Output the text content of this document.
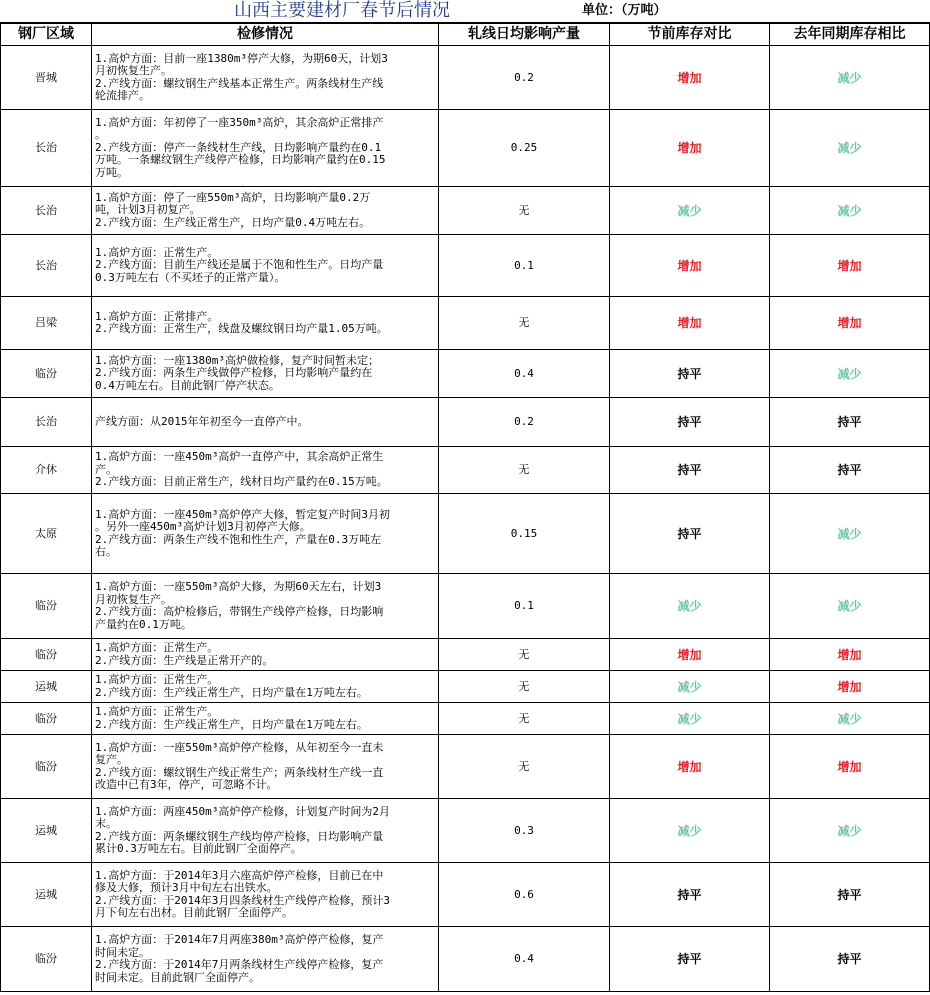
山西主要建材厂春节后情况	单位：（万吨）
钢厂区域	检修情况	轧线日均影响产量	节前库存对比	去年同期库存相比
晋城	1.高炉方面：目前一座1380m³停产大修，为期60天，计划3
月初恢复生产。
2.产线方面：螺纹钢生产线基本正常生产。两条线材生产线
轮流排产。	0.2	增加	减少
长治	1.高炉方面：年初停了一座350m³高炉，其余高炉正常排产
。
2.产线方面：停产一条线材生产线，日均影响产量约在0.1
万吨。一条螺纹钢生产线停产检修，日均影响产量约在0.15
万吨。	0.25	增加	减少
长治	1.高炉方面：停了一座550m³高炉，日均影响产量0.2万
吨，计划3月初复产。
2.产线方面：生产线正常生产，日均产量0.4万吨左右。	无	减少	减少
长治	1.高炉方面：正常生产。
2.产线方面：目前生产线还是属于不饱和性生产。日均产量
0.3万吨左右（不买坯子的正常产量）。	0.1	增加	增加
吕梁	1.高炉方面：正常排产。
2.产线方面：正常生产，线盘及螺纹钢日均产量1.05万吨。	无	增加	增加
临汾	1.高炉方面：一座1380m³高炉做检修，复产时间暂未定；
2.产线方面：两条生产线做停产检修，日均影响产量约在
0.4万吨左右。目前此钢厂停产状态。	0.4	持平	减少
长治	产线方面：从2015年年初至今一直停产中。	0.2	持平	持平
介休	1.高炉方面：一座450m³高炉一直停产中，其余高炉正常生
产。
2.产线方面：目前正常生产，线材日均产量约在0.15万吨。	无	持平	持平
太原	1.高炉方面：一座450m³高炉停产大修，暂定复产时间3月初
。另外一座450m³高炉计划3月初停产大修。
2.产线方面：两条生产线不饱和性生产，产量在0.3万吨左
右。	0.15	持平	减少
临汾	1.高炉方面：一座550m³高炉大修，为期60天左右，计划3
月初恢复生产。
2.产线方面：高炉检修后，带钢生产线停产检修，日均影响
产量约在0.1万吨。	0.1	减少	减少
临汾	1.高炉方面：正常生产。
2.产线方面：生产线是正常开产的。	无	增加	增加
运城	1.高炉方面：正常生产。
2.产线方面：生产线正常生产，日均产量在1万吨左右。	无	减少	增加
临汾	1.高炉方面：正常生产。
2.产线方面：生产线正常生产，日均产量在1万吨左右。	无	减少	减少
临汾	1.高炉方面：一座550m³高炉停产检修，从年初至今一直未
复产。
2.产线方面：螺纹钢生产线正常生产；两条线材生产线一直
改造中已有3年，停产，可忽略不计。	无	增加	增加
运城	1.高炉方面：两座450m³高炉停产检修，计划复产时间为2月
末。
2.产线方面：两条螺纹钢生产线均停产检修，日均影响产量
累计0.3万吨左右。目前此钢厂全面停产。	0.3	减少	减少
运城	1.高炉方面：于2014年3月六座高炉停产检修，目前已在中
修及大修，预计3月中旬左右出铁水。
2.产线方面：于2014年3月四条线材生产线停产检修，预计3
月下旬左右出材。目前此钢厂全面停产。	0.6	持平	持平
临汾	1.高炉方面：于2014年7月两座380m³高炉停产检修，复产
时间未定。
2.产线方面：于2014年7月两条线材生产线停产检修，复产
时间未定。目前此钢厂全面停产。	0.4	持平	持平
